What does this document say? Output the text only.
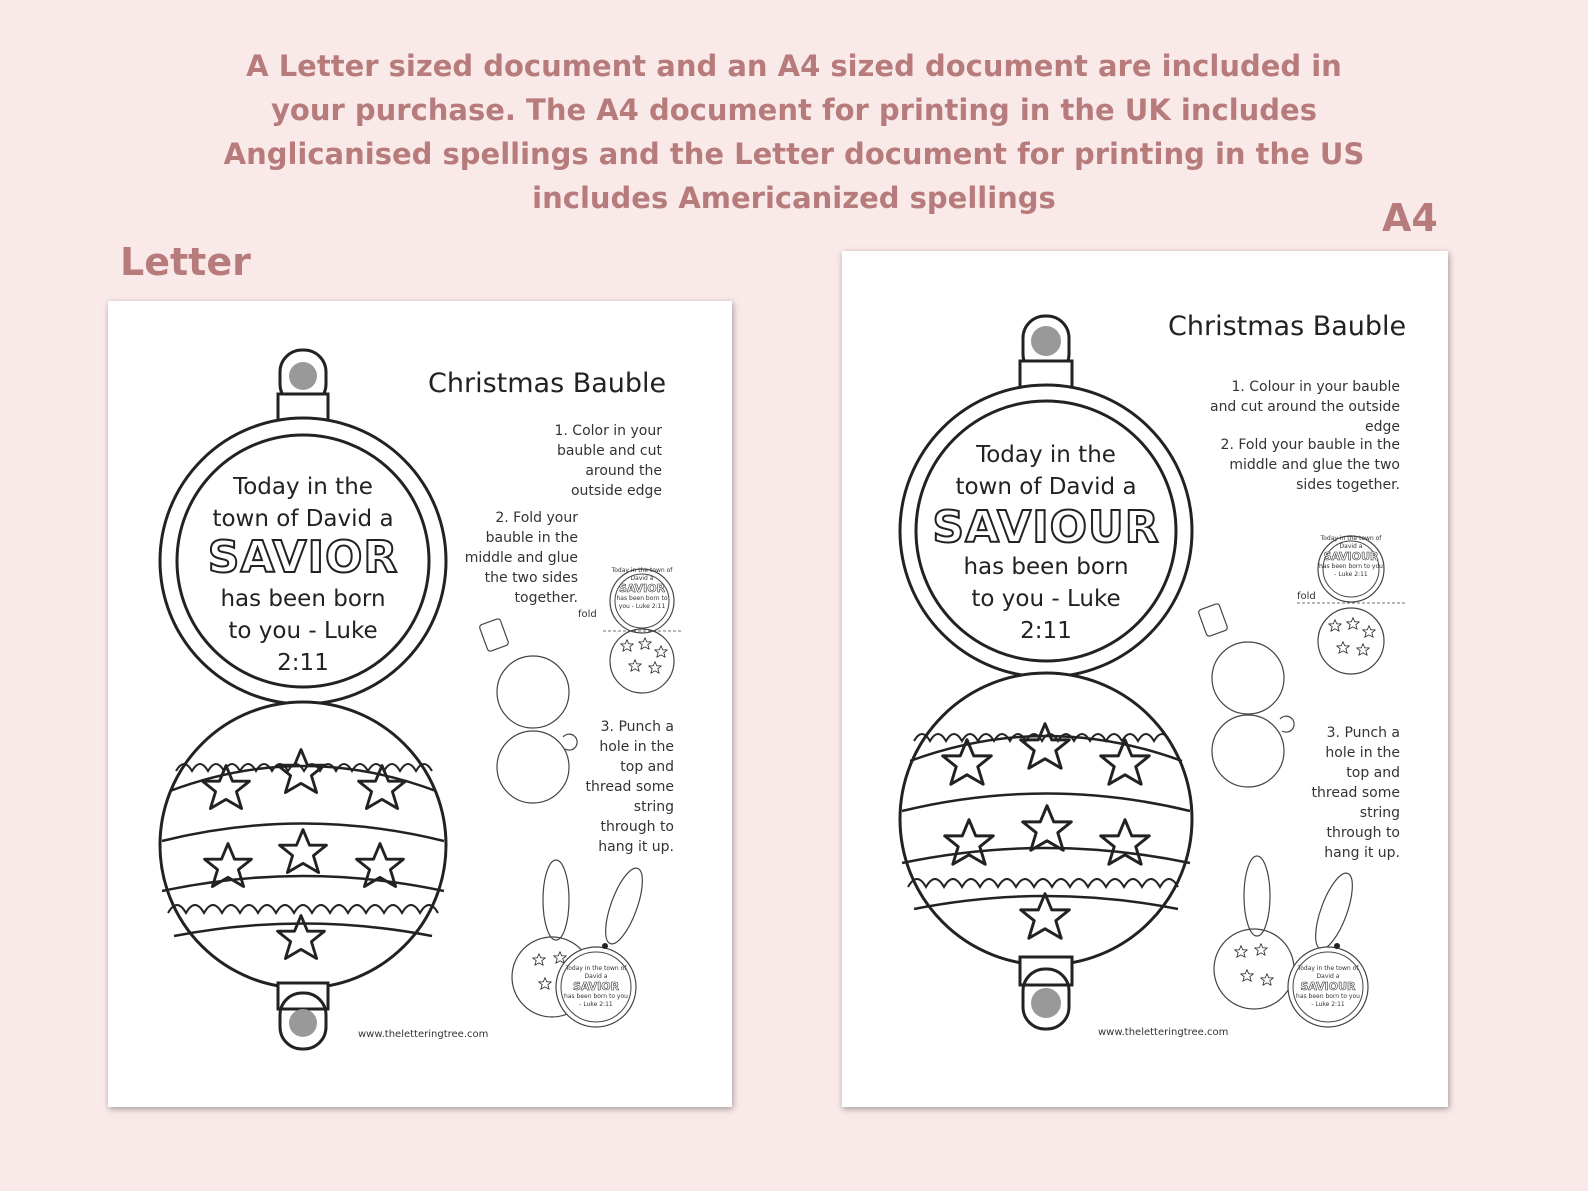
A Letter sized document and an A4 sized document are included in your purchase. The A4 document for printing in the UK includes Anglicanised spellings and the Letter document for printing in the US includes Americanized spellings
Letter
A4
Christmas Bauble
1. Color in your bauble and cut around the outside edge
2. Fold your bauble in the middle and glue the two sides together.
3. Punch a hole in the top and thread some string through to hang it up.
fold
Today in the town of David a
SAVIOR
has been born to you - Luke 2:11
Today in the town of David a
SAVIOR
has been born to you - Luke 2:11
Today in the town of David a
SAVIOR
has been born to you - Luke 2:11
www.theletteringtree.com
Christmas Bauble
1. Colour in your bauble and cut around the outside edge
2. Fold your bauble in the middle and glue the two sides together.
3. Punch a hole in the top and thread some string through to hang it up.
fold
Today in the town of David a
SAVIOUR
has been born to you - Luke 2:11
Today in the town of David a
SAVIOUR
has been born to you - Luke 2:11
Today in the town of David a
SAVIOUR
has been born to you - Luke 2:11
www.theletteringtree.com
